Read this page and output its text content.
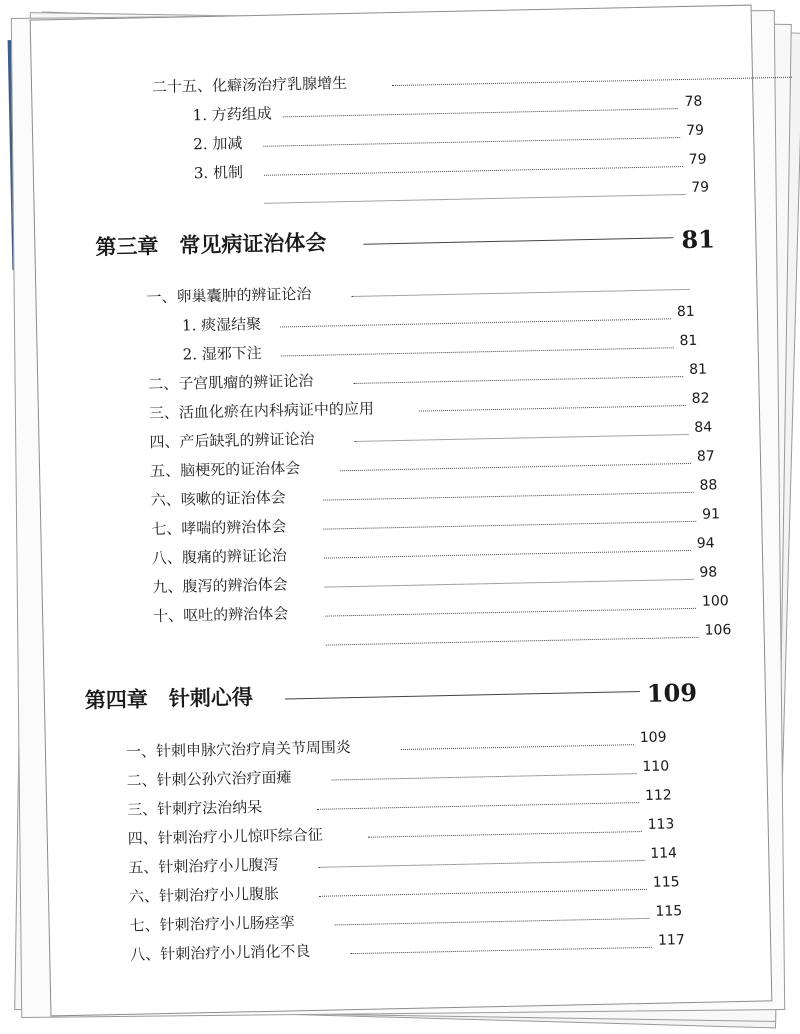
二十五、化癖汤治疗乳腺增生
1. 方药组成
78
2. 加减
79
3. 机制
79
79
第三章　常见病证治体会	81
一、卵巢囊肿的辨证论治
1. 痰湿结聚
81
2. 湿邪下注
81
二、子宫肌瘤的辨证论治
81
三、活血化瘀在内科病证中的应用
82
四、产后缺乳的辨证论治
84
五、脑梗死的证治体会
87
六、咳嗽的证治体会
88
七、哮喘的辨治体会
91
八、腹痛的辨证论治
94
九、腹泻的辨治体会
98
十、呕吐的辨治体会
100
106
第四章　针刺心得	109
一、针刺申脉穴治疗肩关节周围炎
109
二、针刺公孙穴治疗面瘫
110
三、针刺疗法治纳呆
112
四、针刺治疗小儿惊吓综合征
113
五、针刺治疗小儿腹泻
114
六、针刺治疗小儿腹胀
115
七、针刺治疗小儿肠痉挛
115
八、针刺治疗小儿消化不良
117
